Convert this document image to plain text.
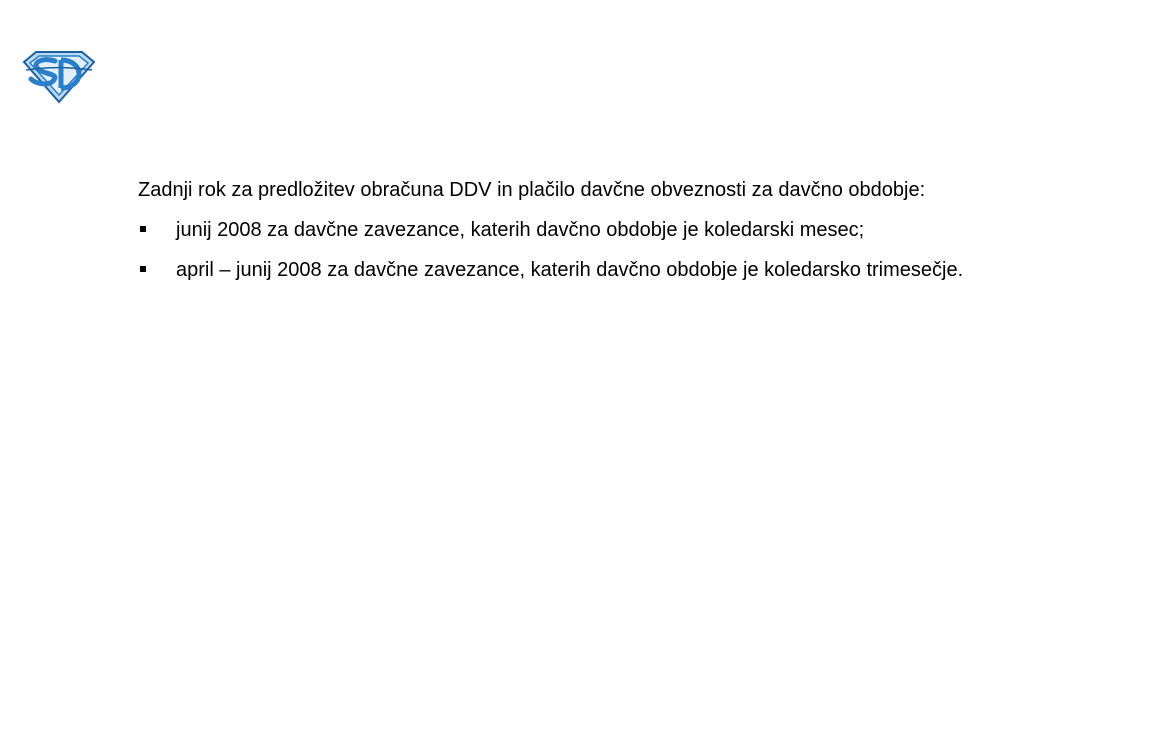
Zadnji rok za predložitev obračuna DDV in plačilo davčne obveznosti za davčno obdobje:

junij 2008 za davčne zavezance, katerih davčno obdobje je koledarski mesec;
april – junij 2008 za davčne zavezance, katerih davčno obdobje je koledarsko trimesečje.
